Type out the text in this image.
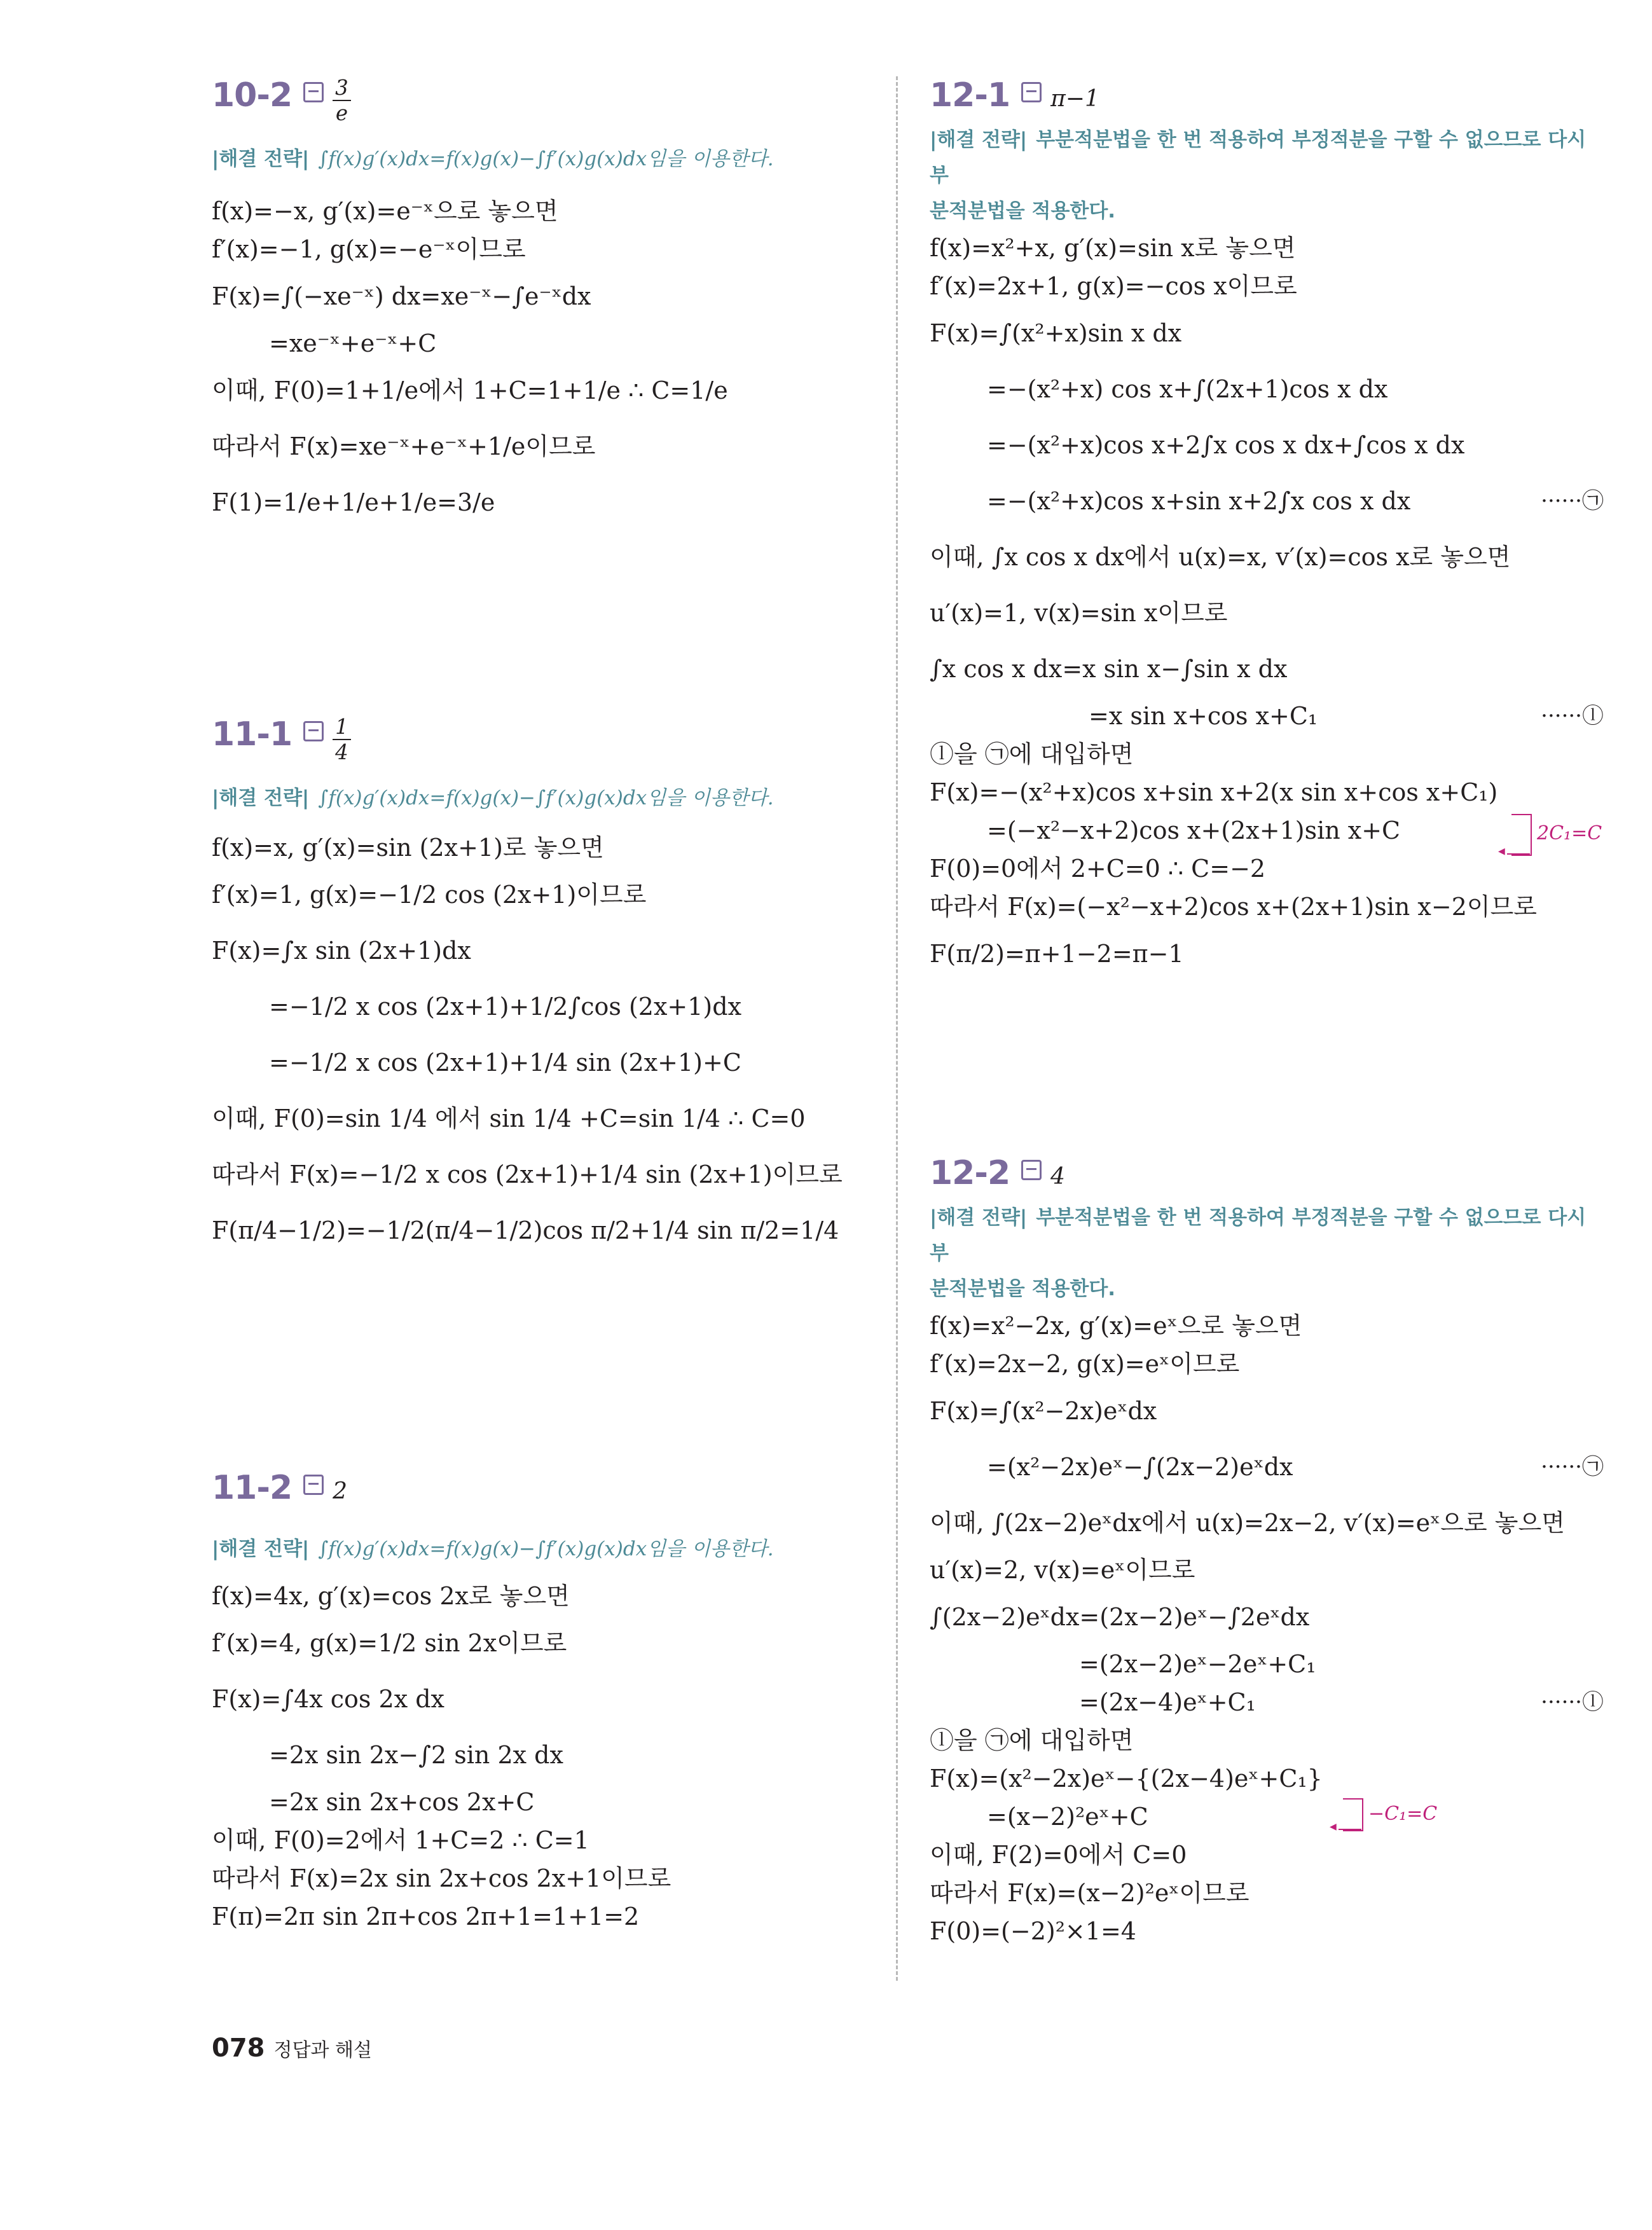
$10-2 \frac{3}{e}$
|해결 전략| ∫f(x)g′(x)dx=f(x)g(x)−∫f′(x)g(x)dx임을 이용한다.
f(x)=−x, g′(x)=e⁻ˣ으로 놓으면
f′(x)=−1, g(x)=−e⁻ˣ이므로
F(x)=∫(−xe⁻ˣ) dx=xe⁻ˣ−∫e⁻ˣdx
=xe⁻ˣ+e⁻ˣ+C
이때, F(0)=1+1/e에서 1+C=1+1/e ∴ C=1/e
따라서 F(x)=xe⁻ˣ+e⁻ˣ+1/e이므로
F(1)=1/e+1/e+1/e=3/e
$11-1 \frac{1}{4}$
|해결 전략| ∫f(x)g′(x)dx=f(x)g(x)−∫f′(x)g(x)dx임을 이용한다.
f(x)=x, g′(x)=sin (2x+1)로 놓으면
f′(x)=1, g(x)=−1/2 cos (2x+1)이므로
F(x)=∫x sin (2x+1)dx
=−1/2 x cos (2x+1)+1/2∫cos (2x+1)dx
=−1/2 x cos (2x+1)+1/4 sin (2x+1)+C
이때, F(0)=sin 1/4 에서 sin 1/4 +C=sin 1/4 ∴ C=0
따라서 F(x)=−1/2 x cos (2x+1)+1/4 sin (2x+1)이므로
F(π/4−1/2)=−1/2(π/4−1/2)cos π/2+1/4 sin π/2=1/4
11-2 2
|해결 전략| ∫f(x)g′(x)dx=f(x)g(x)−∫f′(x)g(x)dx임을 이용한다.
f(x)=4x, g′(x)=cos 2x로 놓으면
f′(x)=4, g(x)=1/2 sin 2x이므로
F(x)=∫4x cos 2x dx
=2x sin 2x−∫2 sin 2x dx
=2x sin 2x+cos 2x+C
이때, F(0)=2에서 1+C=2 ∴ C=1
따라서 F(x)=2x sin 2x+cos 2x+1이므로
F(π)=2π sin 2π+cos 2π+1=1+1=2
12-1 π−1
|해결 전략| 부분적분법을 한 번 적용하여 부정적분을 구할 수 없으므로 다시 부
분적분법을 적용한다.
f(x)=x²+x, g′(x)=sin x로 놓으면
f′(x)=2x+1, g(x)=−cos x이므로
F(x)=∫(x²+x)sin x dx
=−(x²+x) cos x+∫(2x+1)cos x dx
=−(x²+x)cos x+2∫x cos x dx+∫cos x dx
=−(x²+x)cos x+sin x+2∫x cos x dx	······㉠
이때, ∫x cos x dx에서 u(x)=x, v′(x)=cos x로 놓으면
u′(x)=1, v(x)=sin x이므로
∫x cos x dx=x sin x−∫sin x dx
=x sin x+cos x+C₁	······ⓛ
ⓛ을 ㉠에 대입하면
F(x)=−(x²+x)cos x+sin x+2(x sin x+cos x+C₁)
=(−x²−x+2)cos x+(2x+1)sin x+C
F(0)=0에서 2+C=0 ∴ C=−2
따라서 F(x)=(−x²−x+2)cos x+(2x+1)sin x−2이므로
F(π/2)=π+1−2=π−1
◀
2C₁=C
12-2 4
|해결 전략| 부분적분법을 한 번 적용하여 부정적분을 구할 수 없으므로 다시 부
분적분법을 적용한다.
f(x)=x²−2x, g′(x)=eˣ으로 놓으면
f′(x)=2x−2, g(x)=eˣ이므로
F(x)=∫(x²−2x)eˣdx
=(x²−2x)eˣ−∫(2x−2)eˣdx	······㉠
이때, ∫(2x−2)eˣdx에서 u(x)=2x−2, v′(x)=eˣ으로 놓으면
u′(x)=2, v(x)=eˣ이므로
∫(2x−2)eˣdx=(2x−2)eˣ−∫2eˣdx
=(2x−2)eˣ−2eˣ+C₁
=(2x−4)eˣ+C₁	······ⓛ
ⓛ을 ㉠에 대입하면
F(x)=(x²−2x)eˣ−{(2x−4)eˣ+C₁}
=(x−2)²eˣ+C
이때, F(2)=0에서 C=0
따라서 F(x)=(x−2)²eˣ이므로
F(0)=(−2)²×1=4
◀
−C₁=C
078 정답과 해설
